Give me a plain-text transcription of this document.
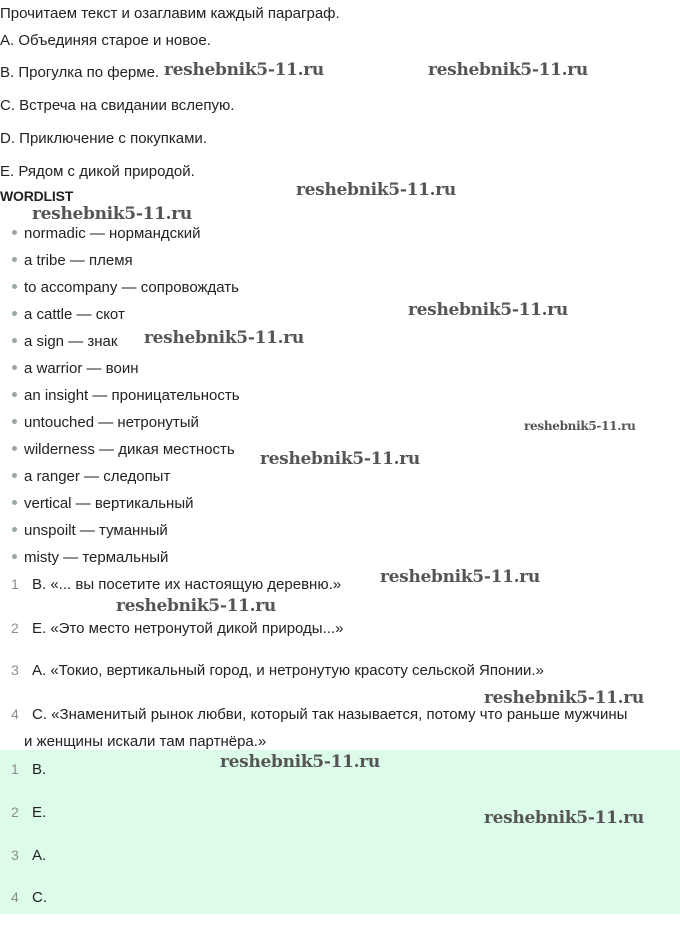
Прочитаем текст и озаглавим каждый параграф.
A. Объединяя старое и новое.
B. Прогулка по ферме.
C. Встреча на свидании вслепую.
D. Приключение с покупками.
E. Рядом с дикой природой.
WORDLIST
normadic — нормандский
a tribe — племя
to accompany — сопровождать
a cattle — скот
a sign — знак
a warrior — воин
an insight — проницательность
untouched — нетронутый
wilderness — дикая местность
a ranger — следопыт
vertical — вертикальный
unspoilt — туманный
misty — термальный
1 B. «... вы посетите их настоящую деревню.»
2 E. «Это место нетронутой дикой природы...»
3 A. «Токио, вертикальный город, и нетронутую красоту сельской Японии.»
4 C. «Знаменитый рынок любви, который так называется, потому что раньше мужчины
и женщины искали там партнёра.»
1 B.
2 E.
3 A.
4 C.
reshebnik5-11.ru	reshebnik5-11.ru
reshebnik5-11.ru
reshebnik5-11.ru
reshebnik5-11.ru
reshebnik5-11.ru
reshebnik5-11.ru
reshebnik5-11.ru
reshebnik5-11.ru
reshebnik5-11.ru
reshebnik5-11.ru
reshebnik5-11.ru
reshebnik5-11.ru
